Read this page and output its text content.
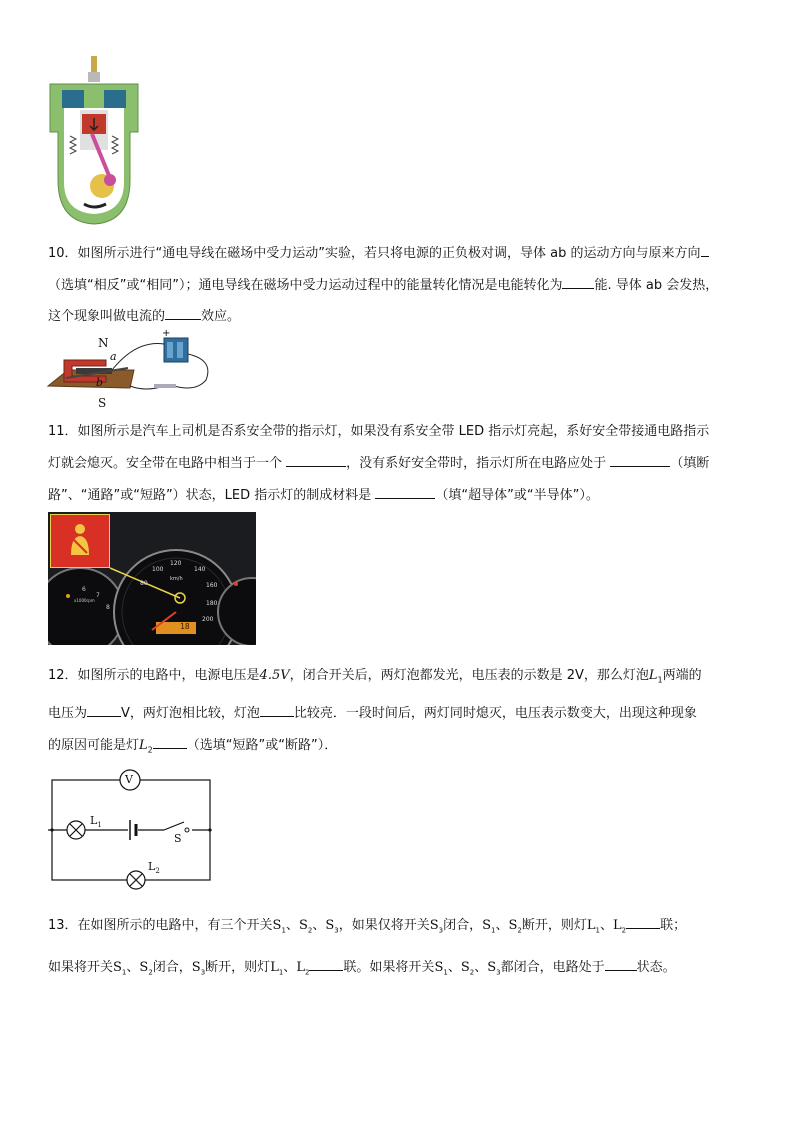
10．如图所示进行“通电导线在磁场中受力运动”实验，若只将电源的正负极对调，导体 ab 的运动方向与原来方向
（选填“相反”或“相同”）；通电导线在磁场中受力运动过程中的能量转化情况是电能转化为 能. 导体 ab 会发热，
这个现象叫做电流的	效应。
N
a
b
S
+
11．如图所示是汽车上司机是否系安全带的指示灯，如果没有系安全带 LED 指示灯亮起，系好安全带接通电路指示
灯就会熄灭。安全带在电路中相当于一个	，没有系好安全带时，指示灯所在电路应处于	（填断
路”、“通路”或“短路”）状态，LED 指示灯的制成材料是	（填“超导体”或“半导体”）。
80
100
120
140
160
180
200
km/h
18
6
7
8
x1000rpm
12．如图所示的电路中，电源电压是4.5V，闭合开关后，两灯泡都发光，电压表的示数是 2V，那么灯泡$L_1$两端的
电压为	V，两灯泡相比较，灯泡	比较亮．一段时间后，两灯同时熄灭，电压表示数变大，出现这种现象
的原因可能是灯$L_2$	（选填“短路”或“断路”）．
V
$L_1$
S
$L_2$
13．在如图所示的电路中，有三个开关$S_1$、$S_2$、$S_3$，如果仅将开关$S_3$闭合，$S_1$、$S_2$断开，则灯$L_1$、$L_2$	联；
如果将开关$S_1$、$S_2$闭合，$S_3$断开，则灯$L_1$、$L_2$	联。如果将开关$S_1$、$S_2$、$S_3$都闭合，电路处于 状态。
